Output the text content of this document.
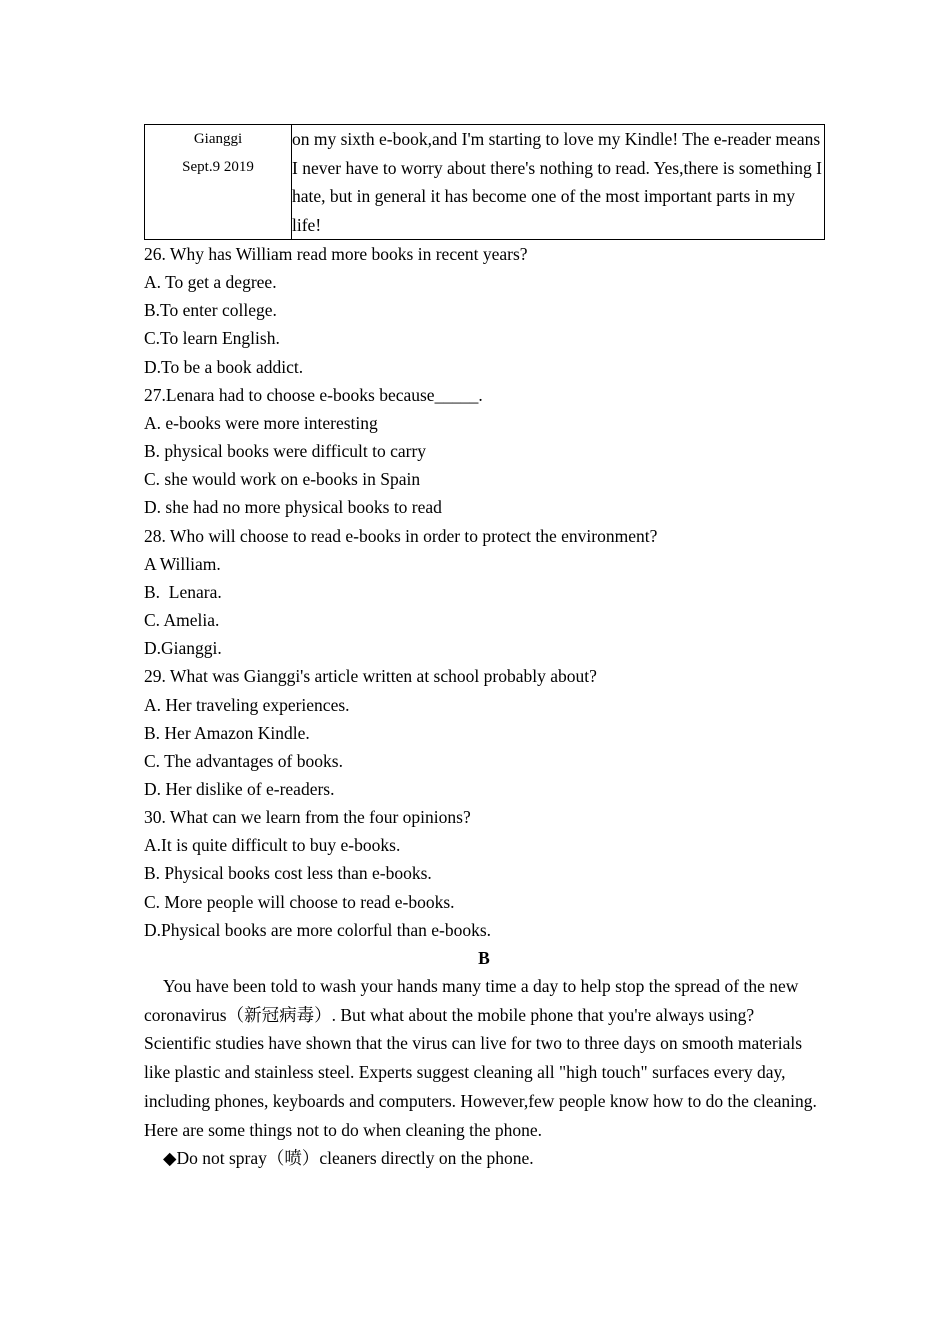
Gianggi
Sept.9 2019
	on my sixth e-book,and I'm starting to love my Kindle! The e-reader means I never have to worry about there's nothing to read. Yes,there is something I hate, but in general it has become one of the most important parts in my life!
26. Why has William read more books in recent years?
A. To get a degree.
B.To enter college.
C.To learn English.
D.To be a book addict.
27.Lenara had to choose e-books because_____.
A. e-books were more interesting
B. physical books were difficult to carry
C. she would work on e-books in Spain
D. she had no more physical books to read
28. Who will choose to read e-books in order to protect the environment?
A William.
B.  Lenara.
C. Amelia.
D.Gianggi.
29. What was Gianggi's article written at school probably about?
A. Her traveling experiences.
B. Her Amazon Kindle.
C. The advantages of books.
D. Her dislike of e-readers.
30. What can we learn from the four opinions?
A.It is quite difficult to buy e-books.
B. Physical books cost less than e-books.
C. More people will choose to read e-books.
D.Physical books are more colorful than e-books.
B
You have been told to wash your hands many time a day to help stop the spread of the new coronavirus（新冠病毒）. But what about the mobile phone that you're always using? Scientific studies have shown that the virus can live for two to three days on smooth materials like plastic and stainless steel. Experts suggest cleaning all "high touch" surfaces every day, including phones, keyboards and computers. However,few people know how to do the cleaning. Here are some things not to do when cleaning the phone.
◆Do not spray（喷）cleaners directly on the phone.
